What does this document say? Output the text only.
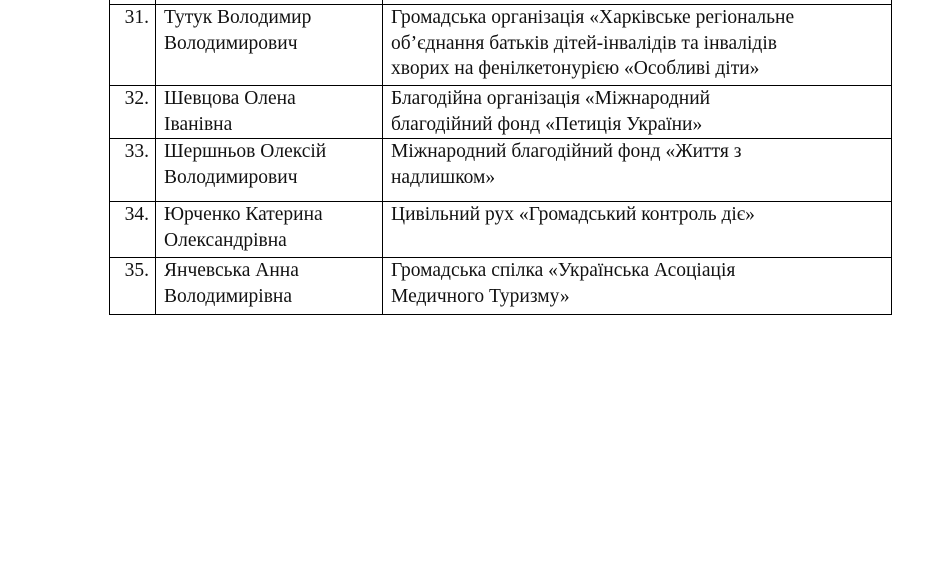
31.	Тутук Володимир
Володимирович	Громадська організація «Харківське регіональне
об’єднання батьків дітей-інвалідів та інвалідів
хворих на фенілкетонурією «Особливі діти»

32.	Шевцова Олена
Іванівна	Благодійна організація «Міжнародний
благодійний фонд «Петиція України»

33.	Шершньов Олексій
Володимирович	Міжнародний благодійний фонд «Життя з
надлишком»

34.	Юрченко Катерина
Олександрівна	Цивільний рух «Громадський контроль діє»

35.	Янчевська Анна
Володимирівна	Громадська спілка «Українська Асоціація
Медичного Туризму»
